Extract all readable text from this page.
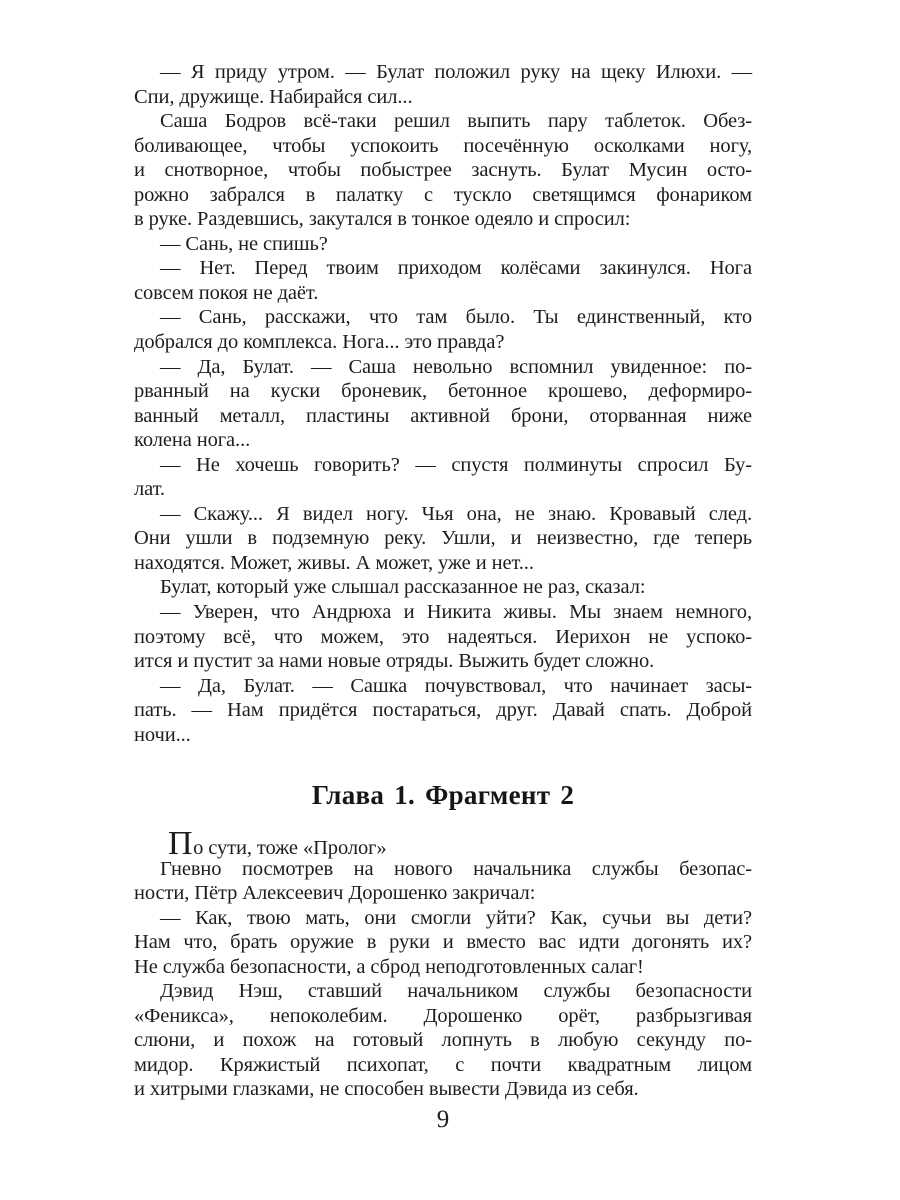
— Я приду утром. — Булат положил руку на щеку Илюхи. —
Спи, дружище. Набирайся сил...
Саша Бодров всё-таки решил выпить пару таблеток. Обез-
боливающее, чтобы успокоить посечённую осколками ногу,
и снотворное, чтобы побыстрее заснуть. Булат Мусин осто-
рожно забрался в палатку с тускло светящимся фонариком
в руке. Раздевшись, закутался в тонкое одеяло и спросил:
— Сань, не спишь?
— Нет. Перед твоим приходом колёсами закинулся. Нога
совсем покоя не даёт.
— Сань, расскажи, что там было. Ты единственный, кто
добрался до комплекса. Нога... это правда?
— Да, Булат. — Саша невольно вспомнил увиденное: по-
рванный на куски броневик, бетонное крошево, деформиро-
ванный металл, пластины активной брони, оторванная ниже
колена нога...
— Не хочешь говорить? — спустя полминуты спросил Бу-
лат.
— Скажу... Я видел ногу. Чья она, не знаю. Кровавый след.
Они ушли в подземную реку. Ушли, и неизвестно, где теперь
находятся. Может, живы. А может, уже и нет...
Булат, который уже слышал рассказанное не раз, сказал:
— Уверен, что Андрюха и Никита живы. Мы знаем немного,
поэтому всё, что можем, это надеяться. Иерихон не успоко-
ится и пустит за нами новые отряды. Выжить будет сложно.
— Да, Булат. — Сашка почувствовал, что начинает засы-
пать. — Нам придётся постараться, друг. Давай спать. Доброй
ночи...
Глава 1. Фрагмент 2
По сути, тоже «Пролог»
Гневно посмотрев на нового начальника службы безопас-
ности, Пётр Алексеевич Дорошенко закричал:
— Как, твою мать, они смогли уйти? Как, сучьи вы дети?
Нам что, брать оружие в руки и вместо вас идти догонять их?
Не служба безопасности, а сброд неподготовленных салаг!
Дэвид Нэш, ставший начальником службы безопасности
«Феникса», непоколебим. Дорошенко орёт, разбрызгивая
слюни, и похож на готовый лопнуть в любую секунду по-
мидор. Кряжистый психопат, с почти квадратным лицом
и хитрыми глазками, не способен вывести Дэвида из себя.
9
